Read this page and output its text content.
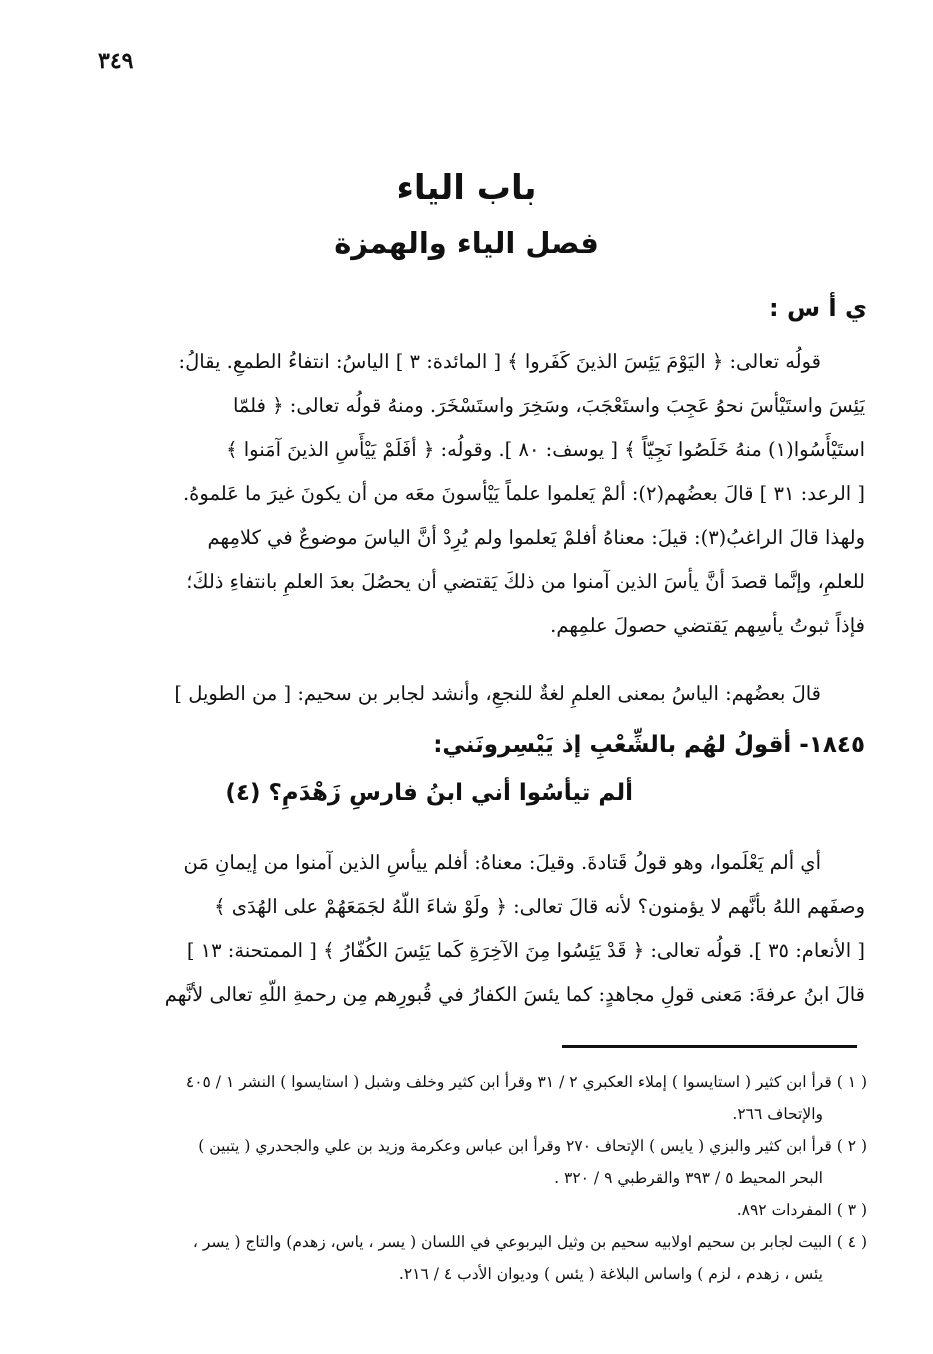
٣٤٩
باب الياء
فصل الياء والهمزة
ي أ س :
قولُه تعالى: ﴿ اليَوْمَ يَئِسَ الذينَ كَفَروا ﴾ [ المائدة: ٣ ] الياسُ: انتفاءُ الطمعِ. يقالُ:
يَئِسَ واستَيْأسَ نحوُ عَجِبَ واستَعْجَبَ، وسَخِرَ واستَسْخَرَ. ومنهُ قولُه تعالى: ﴿ فلمّا
استَيْأَسُوا(١) منهُ خَلَصُوا نَجِيّاً ﴾ [ يوسف: ٨٠ ]. وقولُه: ﴿ أفَلَمْ يَيْأَسِ الذينَ آمَنوا ﴾
[ الرعد: ٣١ ] قالَ بعضُهم(٢): ألمْ يَعلموا علماً يَيْأسونَ معَه من أن يكونَ غيرَ ما عَلموهُ.
ولهذا قالَ الراغبُ(٣): قيلَ: معناهُ أفلمْ يَعلموا ولم يُرِدْ أنَّ الياسَ موضوعٌ في كلامِهم
للعلمِ، وإنَّما قصدَ أنَّ يأسَ الذين آمنوا من ذلكَ يَقتضي أن يحصُلَ بعدَ العلمِ بانتفاءِ ذلكَ؛
فإذاً ثبوتُ يأسِهم يَقتضي حصولَ علمِهم.
قالَ بعضُهم: الياسُ بمعنى العلمِ لغةٌ للنجعِ، وأنشد لجابر بن سحيم: [ من الطويل ]
١٨٤٥- أقولُ لهُم بالشِّعْبِ إذ يَيْسِرونَني:
ألم تيأسُوا أني ابنُ فارسِ زَهْدَمِ؟ (٤)
أي ألم يَعْلَموا، وهو قولُ قَتادةَ. وقيلَ: معناهُ: أفلم ييأسِ الذين آمنوا من إيمانِ مَن
وصفَهم اللهُ بأنَّهم لا يؤمنون؟ لأنه قالَ تعالى: ﴿ ولَوْ شاءَ اللّهُ لجَمَعَهُمْ على الهُدَى ﴾
[ الأنعام: ٣٥ ]. قولُه تعالى: ﴿ قَدْ يَئِسُوا مِنَ الآخِرَةِ كَما يَئِسَ الكُفّارُ ﴾ [ الممتحنة: ١٣ ]
قالَ ابنُ عرفةَ: مَعنى قولِ مجاهدٍ: كما يئسَ الكفارُ في قُبورِهم مِن رحمةِ اللّهِ تعالى لأنَّهم
( ١ ) قرأ ابن كثير ( استايسوا ) إملاء العكبري ٢ / ٣١ وقرأ ابن كثير وخلف وشبل ( استايسوا ) النشر ١ / ٤٠٥
والإتحاف ٢٦٦.
( ٢ ) قرأ ابن كثير والبزي ( يايس ) الإتحاف ٢٧٠ وقرأ ابن عباس وعكرمة وزيد بن علي والجحدري ( يتبين )
البحر المحيط ٥ / ٣٩٣ والقرطبي ٩ / ٣٢٠ .
( ٣ ) المفردات ٨٩٢.
( ٤ ) البيت لجابر بن سحيم اولابيه سحيم بن وثيل اليربوعي في اللسان ( يسر ، ياس، زهدم) والتاج ( يسر ،
يئس ، زهدم ، لزم ) واساس البلاغة ( يئس ) وديوان الأدب ٤ / ٢١٦.
